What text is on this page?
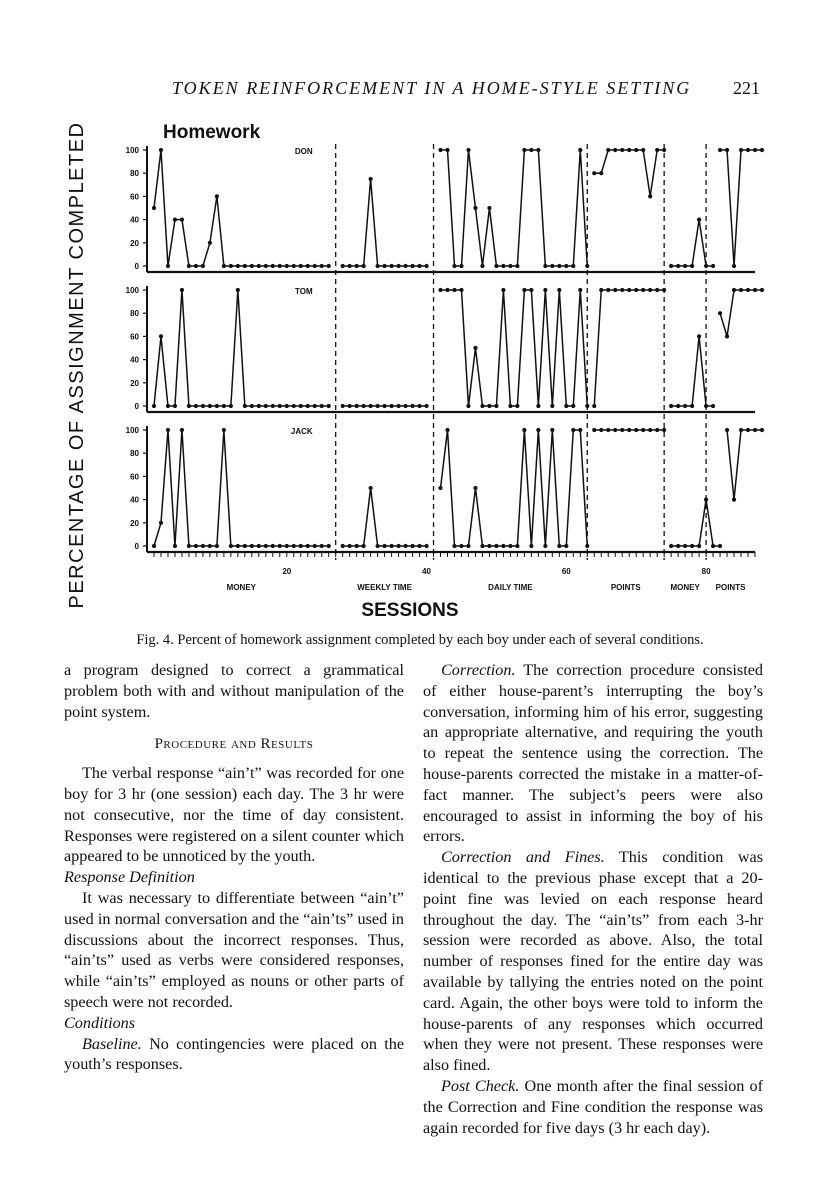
TOKEN REINFORCEMENT IN A HOME-STYLE SETTING 221
PERCENTAGE OF ASSIGNMENT COMPLETED	Homework
0
20
40
60
80
100	DON
0
20
40
60
80
100	TOM
0
20
40
60
80
100	JACK
20	40	60	80
MONEY	WEEKLY TIME	DAILY TIME	POINTS	MONEY POINTS
SESSIONS
Fig. 4. Percent of homework assignment completed by each boy under each of several conditions.

a program designed to correct a grammatical problem both with and without manipulation of the point system.

Procedure and Results

The verbal response “ain’t” was recorded for one boy for 3 hr (one session) each day. The 3 hr were not consecutive, nor the time of day consistent. Responses were registered on a silent counter which appeared to be unnoticed by the youth.

Response Definition

It was necessary to differentiate between “ain’t” used in normal conversation and the “ain’ts” used in discussions about the incorrect responses. Thus, “ain’ts” used as verbs were considered responses, while “ain’ts” employed as nouns or other parts of speech were not recorded.

Conditions

Baseline. No contingencies were placed on the youth’s responses.

Correction. The correction procedure consisted of either house-parent’s interrupting the boy’s conversation, informing him of his error, suggesting an appropriate alternative, and requiring the youth to repeat the sentence using the correction. The house-parents corrected the mistake in a matter-of-fact manner. The subject’s peers were also encouraged to assist in informing the boy of his errors.

Correction and Fines. This condition was identical to the previous phase except that a 20-point fine was levied on each response heard throughout the day. The “ain’ts” from each 3-hr session were recorded as above. Also, the total number of responses fined for the entire day was available by tallying the entries noted on the point card. Again, the other boys were told to inform the house-parents of any responses which occurred when they were not present. These responses were also fined.

Post Check. One month after the final session of the Correction and Fine condition the response was again recorded for five days (3 hr each day).
